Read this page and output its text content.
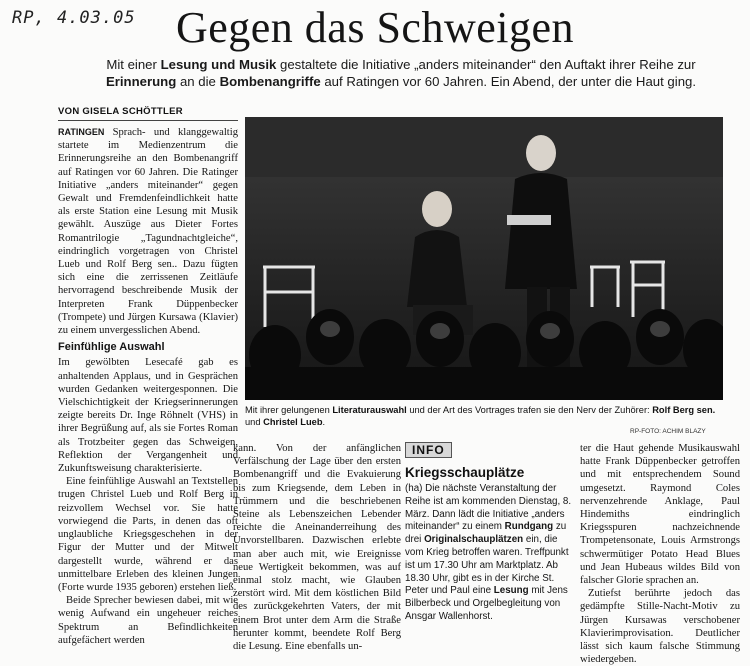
RP, 4.03.05 Gegen das Schweigen
Mit einer Lesung und Musik gestaltete die Initiative „anders miteinander“ den Auftakt ihrer Reihe zur Erinnerung an die Bombenangriffe auf Ratingen vor 60 Jahren. Ein Abend, der unter die Haut ging.
VON GISELA SCHÖTTLER

RATINGEN Sprach- und klanggewaltig startete im Medienzentrum die Erinnerungsreihe an den Bombenangriff auf Ratingen vor 60 Jahren. Die Ratinger Initiative „anders miteinander“ gegen Gewalt und Fremdenfeindlichkeit hatte als erste Station eine Lesung mit Musik gewählt. Auszüge aus Dieter Fortes Romantrilogie „Tagundnachtgleiche“, eindringlich vorgetragen von Christel Lueb und Rolf Berg sen.. Dazu fügten sich eine die zerrissenen Zeitläufe hervorragend beschreibende Musik der Interpreten Frank Düppenbecker (Trompete) und Jürgen Kursawa (Klavier) zu einem unvergesslichen Abend.

Feinfühlige Auswahl

Im gewölbten Lesecafé gab es anhaltenden Applaus, und in Gesprächen wurden Gedanken weitergesponnen. Die Vielschichtigkeit der Kriegserinnerungen zeigte bereits Dr. Inge Röhnelt (VHS) in ihrer Begrüßung auf, als sie Fortes Roman als Trotzbeiter gegen das Schweigen, Reflektion der Vergangenheit und Zukunftsweisung charakterisierte.

Eine feinfühlige Auswahl an Textstellen trugen Christel Lueb und Rolf Berg in reizvollem Wechsel vor. Sie hatte vorwiegend die Parts, in denen das oft unglaubliche Kriegsgeschehen in der Figur der Mutter und der Mitwelt dargestellt wurde, während er das unmittelbare Erleben des kleinen Jungen (Forte wurde 1935 geboren) erstehen ließ.

Beide Sprecher bewiesen dabei, mit wie wenig Aufwand ein ungeheuer reiches Spektrum an Befindlichkeiten aufgefächert werden

Mit ihrer gelungenen Literaturauswahl und der Art des Vortrages trafen sie den Nerv der Zuhörer: Rolf Berg sen. und Christel Lueb.
RP-FOTO: ACHIM BLAZY

kann. Von der anfänglichen Verfälschung der Lage über den ersten Bombenangriff und die Evakuierung bis zum Kriegsende, dem Leben in Trümmern und die beschriebenen Steine als Lebenszeichen Lebender reichte die Aneinanderreihung des Unvorstellbaren. Dazwischen erlebte man aber auch mit, wie Ereignisse neue Wertigkeit bekommen, was auf einmal stolz macht, wie Glauben zerstört wird. Mit dem köstlichen Bild des zurückgekehrten Vaters, der mit einem Brot unter dem Arm die Straße herunter kommt, beendete Rolf Berg die Lesung. Eine ebenfalls un-

INFO
Kriegsschauplätze
(ha) Die nächste Veranstaltung der Reihe ist am kommenden Dienstag, 8. März. Dann lädt die Initiative „anders miteinander“ zu einem Rundgang zu drei Originalschauplätzen ein, die vom Krieg betroffen waren. Treffpunkt ist um 17.30 Uhr am Marktplatz. Ab 18.30 Uhr, gibt es in der Kirche St. Peter und Paul eine Lesung mit Jens Bilberbeck und Orgelbegleitung von Ansgar Wallenhorst.

ter die Haut gehende Musikauswahl hatte Frank Düppenbecker getroffen und mit entsprechendem Sound umgesetzt. Raymond Coles nervenzehrende Anklage, Paul Hindemiths eindringlich Kriegsspuren nachzeichnende Trompetensonate, Louis Armstrongs schwermütiger Potato Head Blues und Jean Hubeaus wildes Bild von falscher Glorie sprachen an.

Zutiefst berührte jedoch das gedämpfte Stille-Nacht-Motiv zu Jürgen Kursawas verschobener Klavierimprovisation. Deutlicher lässt sich kaum falsche Stimmung wiedergeben.
